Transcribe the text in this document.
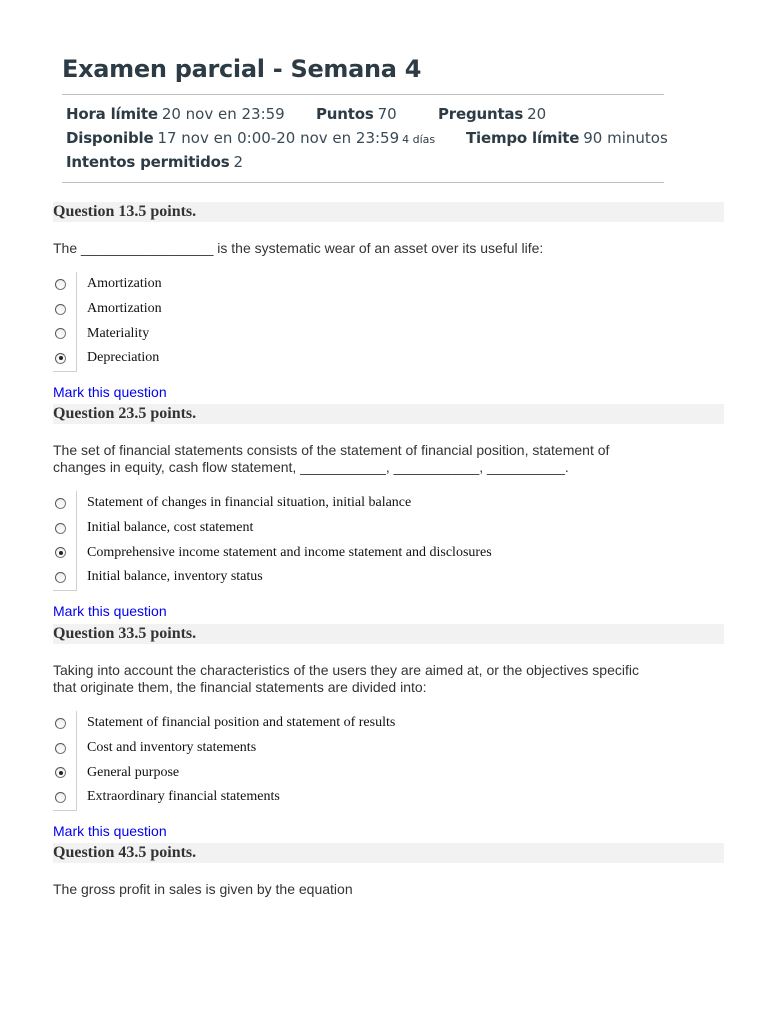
Examen parcial - Semana 4
Hora límite 20 nov en 23:59 Puntos 70	Preguntas 20
Disponible 17 nov en 0:00-20 nov en 23:59 4 días Tiempo límite 90 minutos
Intentos permitidos 2
Question 13.5 points.
The _________________ is the systematic wear of an asset over its useful life:
Amortization
Amortization
Materiality
Depreciation
Mark this question
Question 23.5 points.
The set of financial statements consists of the statement of financial position, statement of changes in equity, cash flow statement, ___________, ___________, __________.
Statement of changes in financial situation, initial balance
Initial balance, cost statement
Comprehensive income statement and income statement and disclosures
Initial balance, inventory status
Mark this question
Question 33.5 points.
Taking into account the characteristics of the users they are aimed at, or the objectives specific that originate them, the financial statements are divided into:
Statement of financial position and statement of results
Cost and inventory statements
General purpose
Extraordinary financial statements
Mark this question
Question 43.5 points.
The gross profit in sales is given by the equation
